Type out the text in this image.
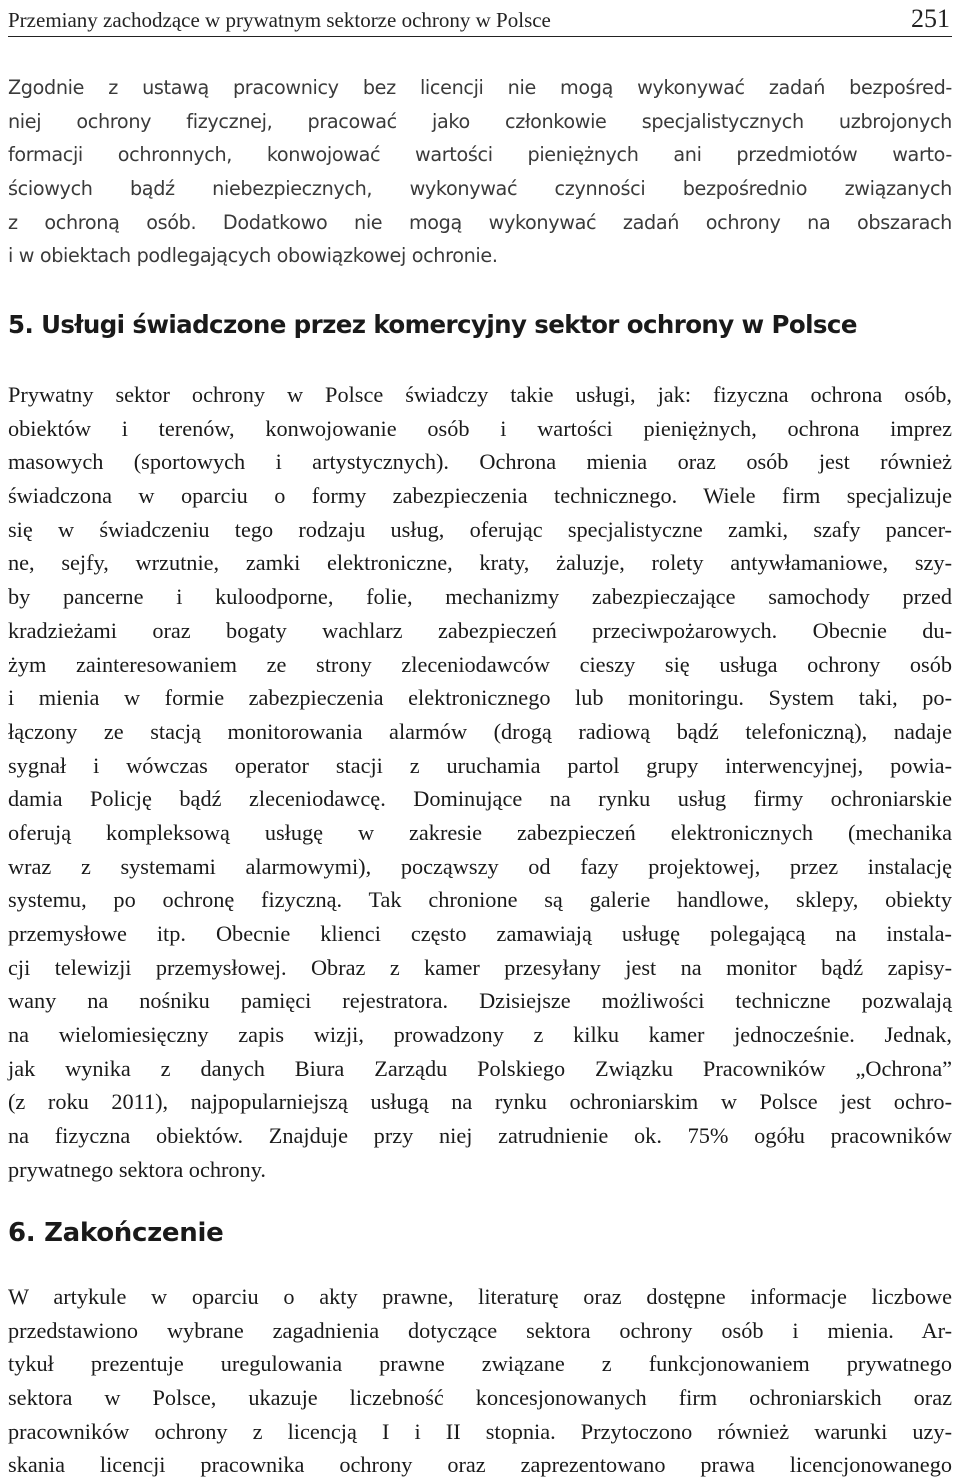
Przemiany zachodzące w prywatnym sektorze ochrony w Polsce	251
Zgodnie z ustawą pracownicy bez licencji nie mogą wykonywać zadań bezpośred-
niej ochrony fizycznej, pracować jako członkowie specjalistycznych uzbrojonych
formacji ochronnych, konwojować wartości pieniężnych ani przedmiotów warto-
ściowych bądź niebezpiecznych, wykonywać czynności bezpośrednio związanych
z ochroną osób. Dodatkowo nie mogą wykonywać zadań ochrony na obszarach
i w obiektach podlegających obowiązkowej ochronie.
5. Usługi świadczone przez komercyjny sektor ochrony w Polsce
Prywatny sektor ochrony w Polsce świadczy takie usługi, jak: fizyczna ochrona osób,
obiektów i terenów, konwojowanie osób i wartości pieniężnych, ochrona imprez
masowych (sportowych i artystycznych). Ochrona mienia oraz osób jest również
świadczona w oparciu o formy zabezpieczenia technicznego. Wiele firm specjalizuje
się w świadczeniu tego rodzaju usług, oferując specjalistyczne zamki, szafy pancer-
ne, sejfy, wrzutnie, zamki elektroniczne, kraty, żaluzje, rolety antywłamaniowe, szy-
by pancerne i kuloodporne, folie, mechanizmy zabezpieczające samochody przed
kradzieżami oraz bogaty wachlarz zabezpieczeń przeciwpożarowych. Obecnie du-
żym zainteresowaniem ze strony zleceniodawców cieszy się usługa ochrony osób
i mienia w formie zabezpieczenia elektronicznego lub monitoringu. System taki, po-
łączony ze stacją monitorowania alarmów (drogą radiową bądź telefoniczną), nadaje
sygnał i wówczas operator stacji z uruchamia partol grupy interwencyjnej, powia-
damia Policję bądź zleceniodawcę. Dominujące na rynku usług firmy ochroniarskie
oferują kompleksową usługę w zakresie zabezpieczeń elektronicznych (mechanika
wraz z systemami alarmowymi), począwszy od fazy projektowej, przez instalację
systemu, po ochronę fizyczną. Tak chronione są galerie handlowe, sklepy, obiekty
przemysłowe itp. Obecnie klienci często zamawiają usługę polegającą na instala-
cji telewizji przemysłowej. Obraz z kamer przesyłany jest na monitor bądź zapisy-
wany na nośniku pamięci rejestratora. Dzisiejsze możliwości techniczne pozwalają
na wielomiesięczny zapis wizji, prowadzony z kilku kamer jednocześnie. Jednak,
jak wynika z danych Biura Zarządu Polskiego Związku Pracowników „Ochrona”
(z roku 2011), najpopularniejszą usługą na rynku ochroniarskim w Polsce jest ochro-
na fizyczna obiektów. Znajduje przy niej zatrudnienie ok. 75% ogółu pracowników
prywatnego sektora ochrony.
6. Zakończenie
W artykule w oparciu o akty prawne, literaturę oraz dostępne informacje liczbowe
przedstawiono wybrane zagadnienia dotyczące sektora ochrony osób i mienia. Ar-
tykuł prezentuje uregulowania prawne związane z funkcjonowaniem prywatnego
sektora w Polsce, ukazuje liczebność koncesjonowanych firm ochroniarskich oraz
pracowników ochrony z licencją I i II stopnia. Przytoczono również warunki uzy-
skania licencji pracownika ochrony oraz zaprezentowano prawa licencjonowanego
